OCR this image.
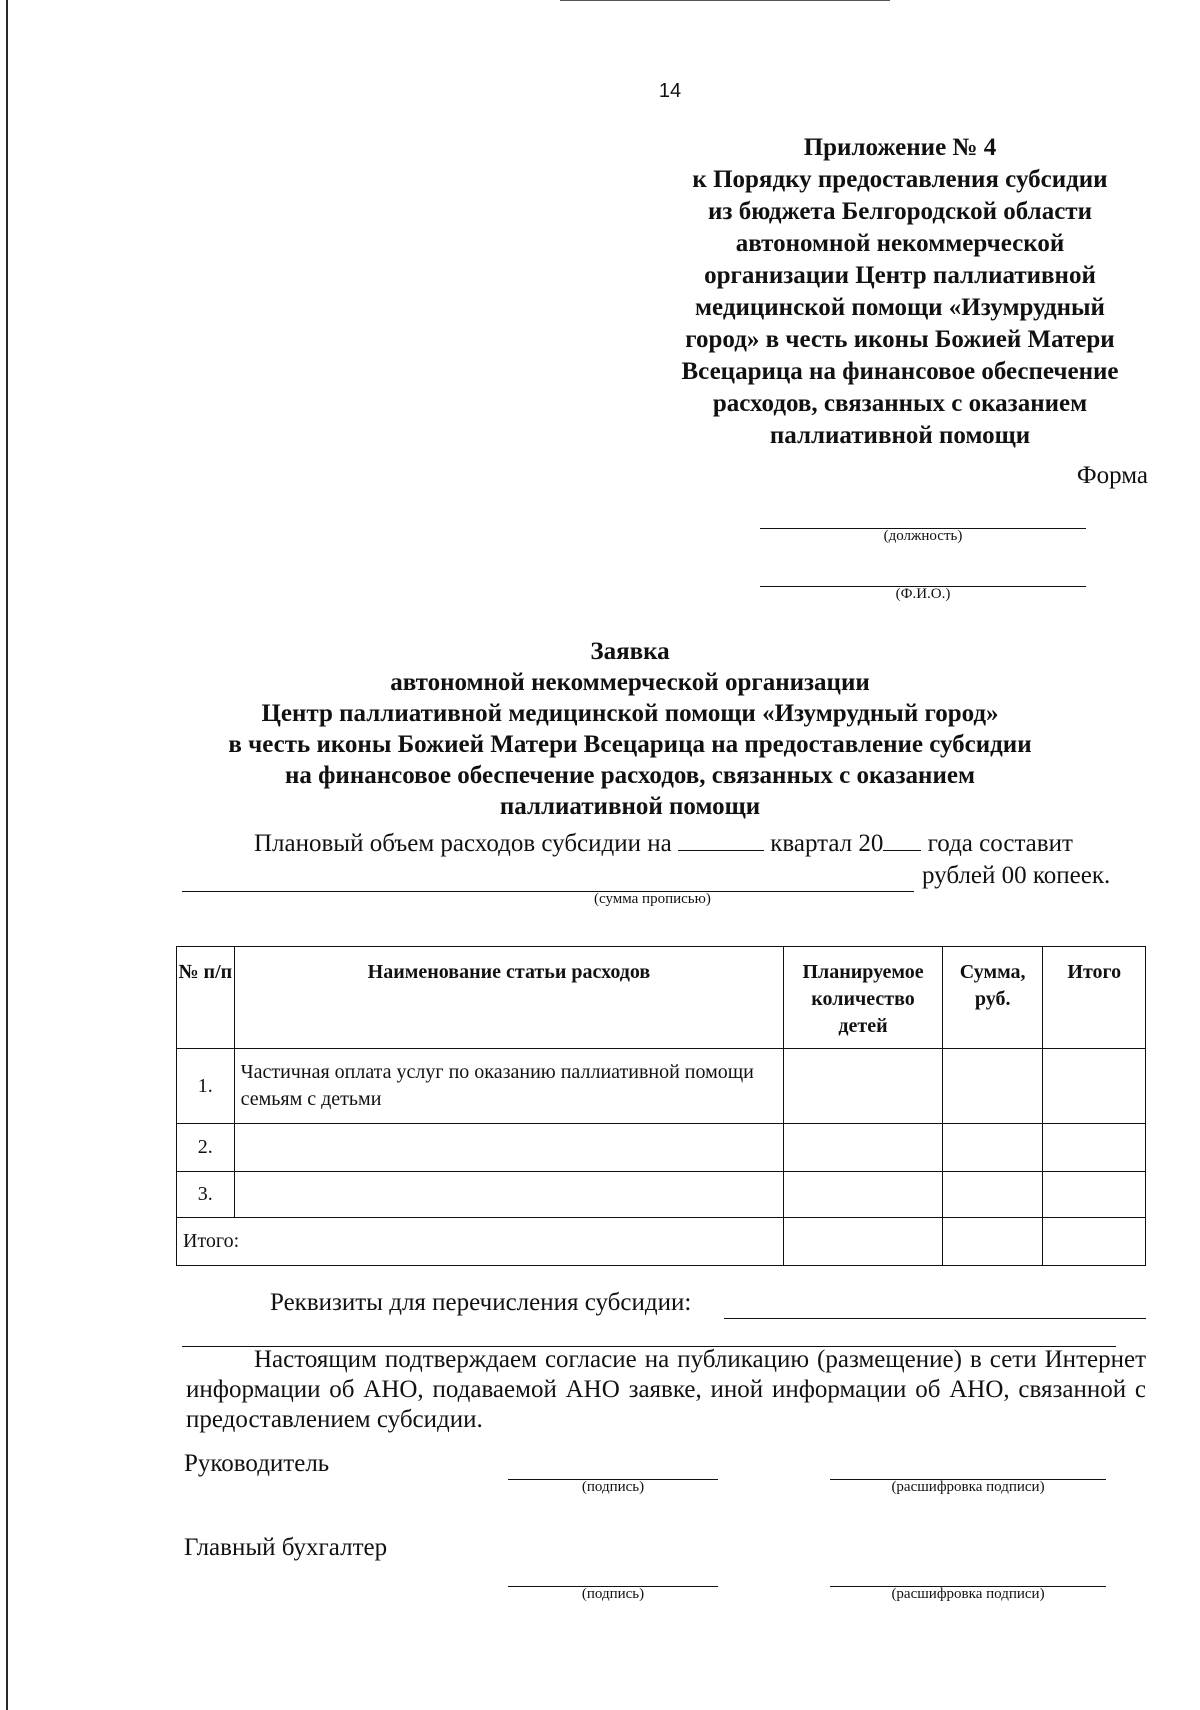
14
Приложение № 4
к Порядку предоставления субсидии
из бюджета Белгородской области
автономной некоммерческой
организации Центр паллиативной
медицинской помощи «Изумрудный
город» в честь иконы Божией Матери
Всецарица на финансовое обеспечение
расходов, связанных с оказанием
паллиативной помощи
Форма
(должность)
(Ф.И.О.)
Заявка
автономной некоммерческой организации
Центр паллиативной медицинской помощи «Изумрудный город»
в честь иконы Божией Матери Всецарица на предоставление субсидии
на финансовое обеспечение расходов, связанных с оказанием
паллиативной помощи
Плановый объем расходов субсидии на	квартал 20 года составит
рублей 00 копеек.
(сумма прописью)
№ п/п	Наименование статьи расходов	Планируемое количество детей	Сумма, руб.	Итого
1.	Частичная оплата услуг по оказанию паллиативной помощи семьям с детьми			
2.				
3.				
Итого:				
Реквизиты для перечисления субсидии:
Настоящим подтверждаем согласие на публикацию (размещение) в сети Интернет информации об АНО, подаваемой АНО заявке, иной информации об АНО, связанной с предоставлением субсидии.
Руководитель
(подпись)	(расшифровка подписи)
Главный бухгалтер
(подпись)	(расшифровка подписи)
